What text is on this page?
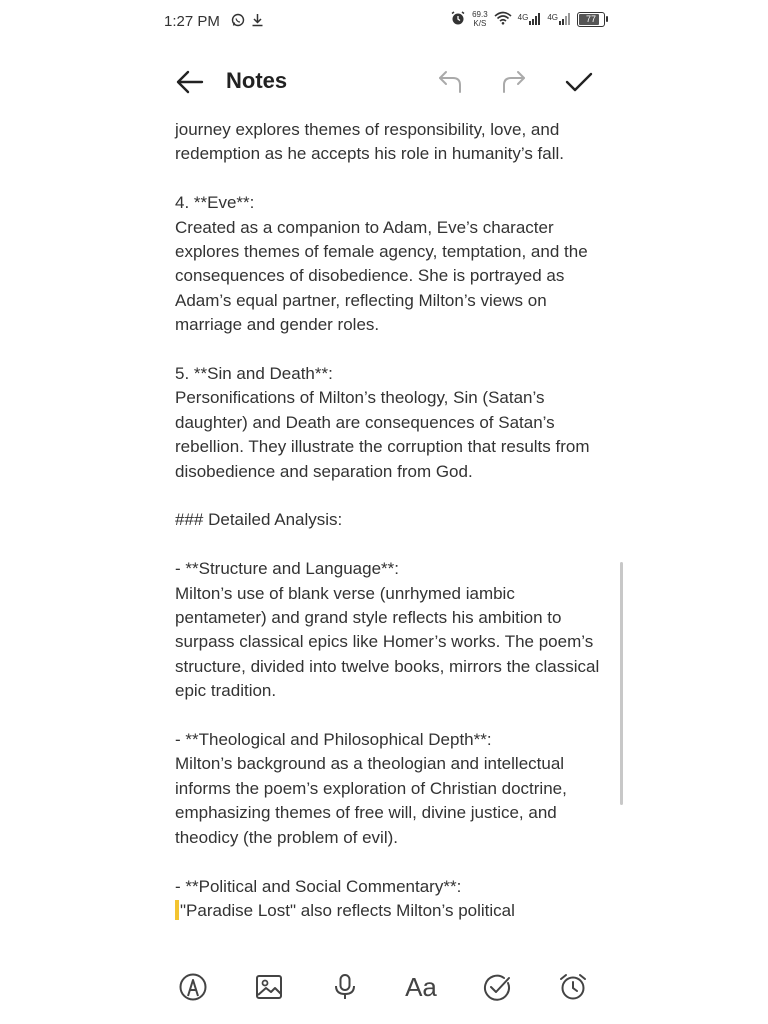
1:27 PM	69.3
K/S
4G 4G	77
Notes

journey explores themes of responsibility, love, and redemption as he accepts his role in humanity’s fall.

4. **Eve**:
Created as a companion to Adam, Eve’s character explores themes of female agency, temptation, and the consequences of disobedience. She is portrayed as Adam’s equal partner, reflecting Milton’s views on marriage and gender roles.

5. **Sin and Death**:
Personifications of Milton’s theology, Sin (Satan’s daughter) and Death are consequences of Satan’s rebellion. They illustrate the corruption that results from disobedience and separation from God.

### Detailed Analysis:

- **Structure and Language**:
Milton’s use of blank verse (unrhymed iambic pentameter) and grand style reflects his ambition to surpass classical epics like Homer’s works. The poem’s structure, divided into twelve books, mirrors the classical epic tradition.

- **Theological and Philosophical Depth**:
Milton’s background as a theologian and intellectual informs the poem’s exploration of Christian doctrine, emphasizing themes of free will, divine justice, and theodicy (the problem of evil).

- **Political and Social Commentary**:

"Paradise Lost" also reflects Milton’s political
Aa
